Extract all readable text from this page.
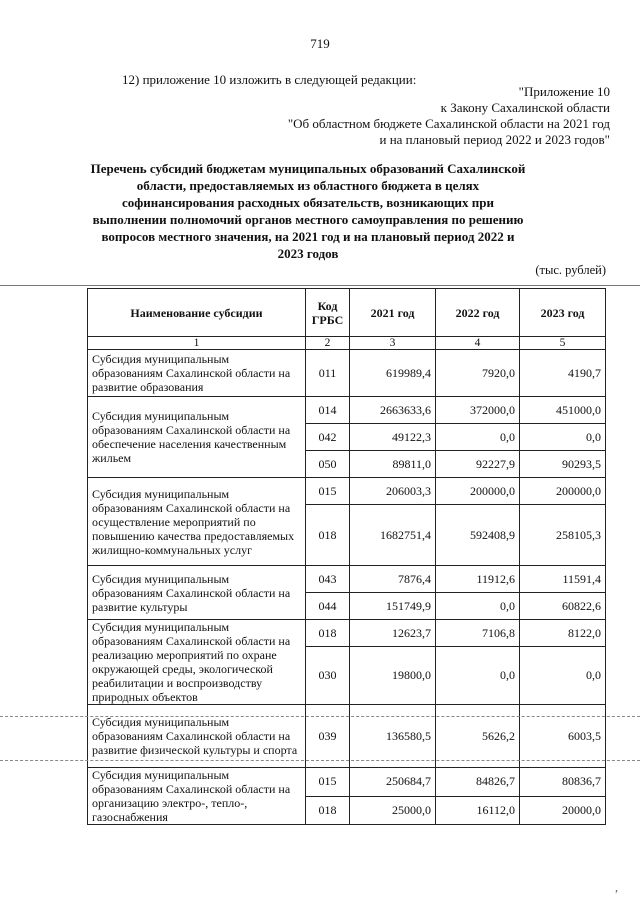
719
12) приложение 10 изложить в следующей редакции:
"Приложение 10
к Закону Сахалинской области
"Об областном бюджете Сахалинской области на 2021 год
и на плановый период 2022 и 2023 годов"
Перечень субсидий бюджетам муниципальных образований Сахалинской области, предоставляемых из областного бюджета в целях софинансирования расходных обязательств, возникающих при выполнении полномочий органов местного самоуправления по решению вопросов местного значения, на 2021 год и на плановый период 2022 и 2023 годов
(тыс. рублей)
Наименование субсидии	Код ГРБС	2021 год	2022 год	2023 год
1	2	3	4	5
Субсидия муниципальным образованиям Сахалинской области на развитие образования	011	619989,4	7920,0	4190,7
Субсидия муниципальным образованиям Сахалинской области на обеспечение населения качественным жильем	014	2663633,6	372000,0	451000,0
	042	49122,3	0,0	0,0
	050	89811,0	92227,9	90293,5
Субсидия муниципальным образованиям Сахалинской области на осуществление мероприятий по повышению качества предоставляемых жилищно-коммунальных услуг	015	206003,3	200000,0	200000,0
	018	1682751,4	592408,9	258105,3
Субсидия муниципальным образованиям Сахалинской области на развитие культуры	043	7876,4	11912,6	11591,4
	044	151749,9	0,0	60822,6
Субсидия муниципальным образованиям Сахалинской области на реализацию мероприятий по охране окружающей среды, экологической реабилитации и воспроизводству природных объектов	018	12623,7	7106,8	8122,0
	030	19800,0	0,0	0,0
Субсидия муниципальным образованиям Сахалинской области на развитие физической культуры и спорта	039	136580,5	5626,2	6003,5
Субсидия муниципальным образованиям Сахалинской области на организацию электро-, тепло-, газоснабжения	015	250684,7	84826,7	80836,7
	018	25000,0	16112,0	20000,0
,
